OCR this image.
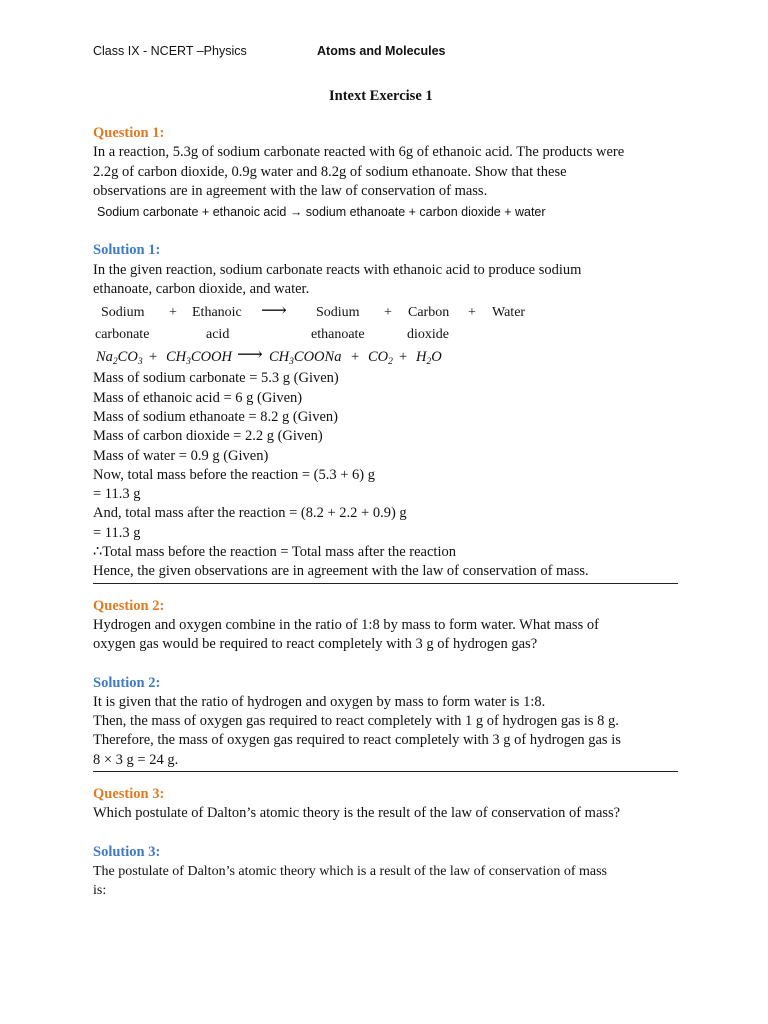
Class IX - NCERT –Physics	Atoms and Molecules
Intext Exercise 1
Question 1:
In a reaction, 5.3g of sodium carbonate reacted with 6g of ethanoic acid. The products were
2.2g of carbon dioxide, 0.9g water and 8.2g of sodium ethanoate. Show that these
observations are in agreement with the law of conservation of mass.
Sodium carbonate + ethanoic acid → sodium ethanoate + carbon dioxide + water
Solution 1:
In the given reaction, sodium carbonate reacts with ethanoic acid to produce sodium
ethanoate, carbon dioxide, and water.
Sodium + Ethanoic ⟶ Sodium + Carbon + Water
carbonate	acid	ethanoate	dioxide
$Na_2CO_3$ + $CH_3COOH$ ⟶ $CH_3COONa + CO_2 + H_2O$
Mass of sodium carbonate = 5.3 g (Given)
Mass of ethanoic acid = 6 g (Given)
Mass of sodium ethanoate = 8.2 g (Given)
Mass of carbon dioxide = 2.2 g (Given)
Mass of water = 0.9 g (Given)
Now, total mass before the reaction = (5.3 + 6) g
= 11.3 g
And, total mass after the reaction = (8.2 + 2.2 + 0.9) g
= 11.3 g
∴Total mass before the reaction = Total mass after the reaction
Hence, the given observations are in agreement with the law of conservation of mass.
Question 2:
Hydrogen and oxygen combine in the ratio of 1:8 by mass to form water. What mass of
oxygen gas would be required to react completely with 3 g of hydrogen gas?
Solution 2:
It is given that the ratio of hydrogen and oxygen by mass to form water is 1:8.
Then, the mass of oxygen gas required to react completely with 1 g of hydrogen gas is 8 g.
Therefore, the mass of oxygen gas required to react completely with 3 g of hydrogen gas is
8 × 3 g = 24 g.
Question 3:
Which postulate of Dalton’s atomic theory is the result of the law of conservation of mass?
Solution 3:
The postulate of Dalton’s atomic theory which is a result of the law of conservation of mass
is:
